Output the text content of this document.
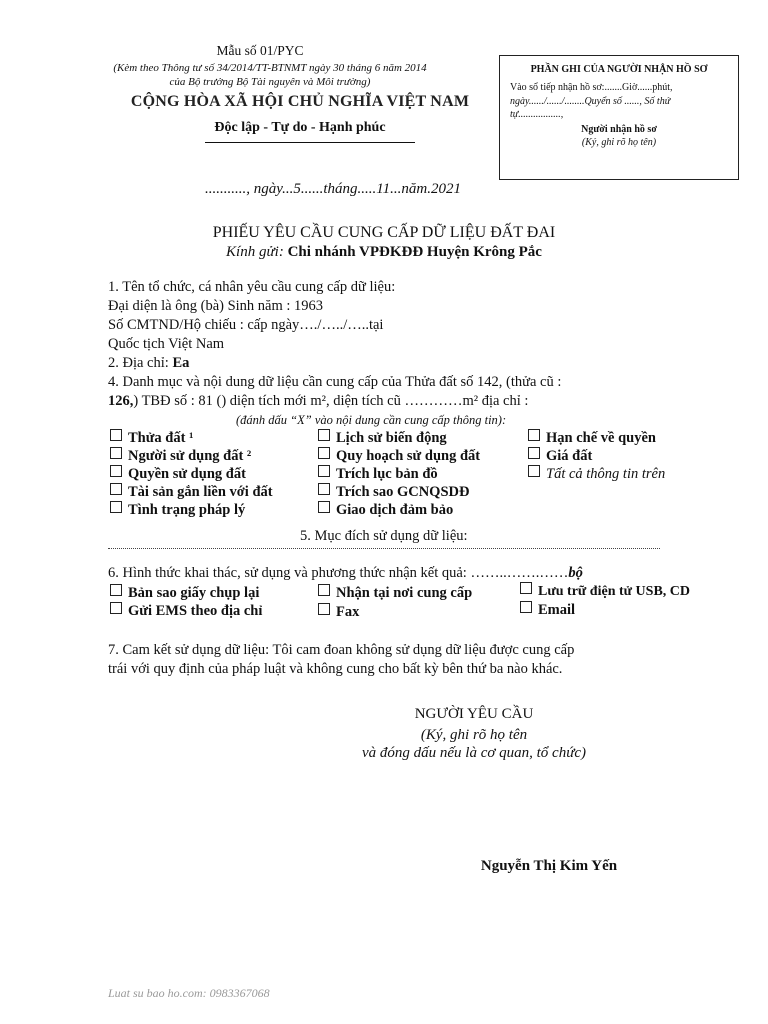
Mẫu số 01/PYC
(Kèm theo Thông tư số 34/2014/TT-BTNMT ngày 30 tháng 6 năm 2014
của Bộ trưởng Bộ Tài nguyên và Môi trường)
CỘNG HÒA XÃ HỘI CHỦ NGHĨA VIỆT NAM
Độc lập - Tự do - Hạnh phúc
PHẦN GHI CỦA NGƯỜI NHẬN HỒ SƠ
Vào sổ tiếp nhận hồ sơ:.......Giờ......phút,
ngày....../....../........Quyển số ......, Số thứ
tự.................,
Người nhận hồ sơ
(Ký, ghi rõ họ tên)
..........., ngày...5......tháng.....11...năm.2021
PHIẾU YÊU CẦU CUNG CẤP DỮ LIỆU ĐẤT ĐAI
Kính gửi: Chi nhánh VPĐKĐĐ Huyện Krông Pắc
1. Tên tổ chức, cá nhân yêu cầu cung cấp dữ liệu:
Đại diện là ông (bà) Sinh năm : 1963
Số CMTND/Hộ chiếu : cấp ngày…./…../…..tại
Quốc tịch Việt Nam
2. Địa chỉ: Ea
4. Danh mục và nội dung dữ liệu cần cung cấp của Thửa đất số 142, (thửa cũ :
126,) TBĐ số : 81 () diện tích mới m², diện tích cũ …………m² địa chỉ :
(đánh dấu “X” vào nội dung cần cung cấp thông tin):
Thửa đất ¹	Lịch sử biến động	Hạn chế về quyền
Người sử dụng đất ²	Quy hoạch sử dụng đất	Giá đất
Quyền sử dụng đất	Trích lục bản đồ	Tất cả thông tin trên
Tài sản gắn liền với đất	Trích sao GCNQSDĐ
Tình trạng pháp lý	Giao dịch đảm bảo
5. Mục đích sử dụng dữ liệu:
6. Hình thức khai thác, sử dụng và phương thức nhận kết quả: ……..…….……bộ
Bản sao giấy chụp lại	Nhận tại nơi cung cấp	Lưu trữ điện tử USB, CD
Gửi EMS theo địa chỉ	Fax	Email
7. Cam kết sử dụng dữ liệu: Tôi cam đoan không sử dụng dữ liệu được cung cấp
trái với quy định của pháp luật và không cung cho bất kỳ bên thứ ba nào khác.
NGƯỜI YÊU CẦU
(Ký, ghi rõ họ tên
và đóng dấu nếu là cơ quan, tổ chức)
Nguyễn Thị Kim Yến
Luat su bao ho.com: 0983367068
